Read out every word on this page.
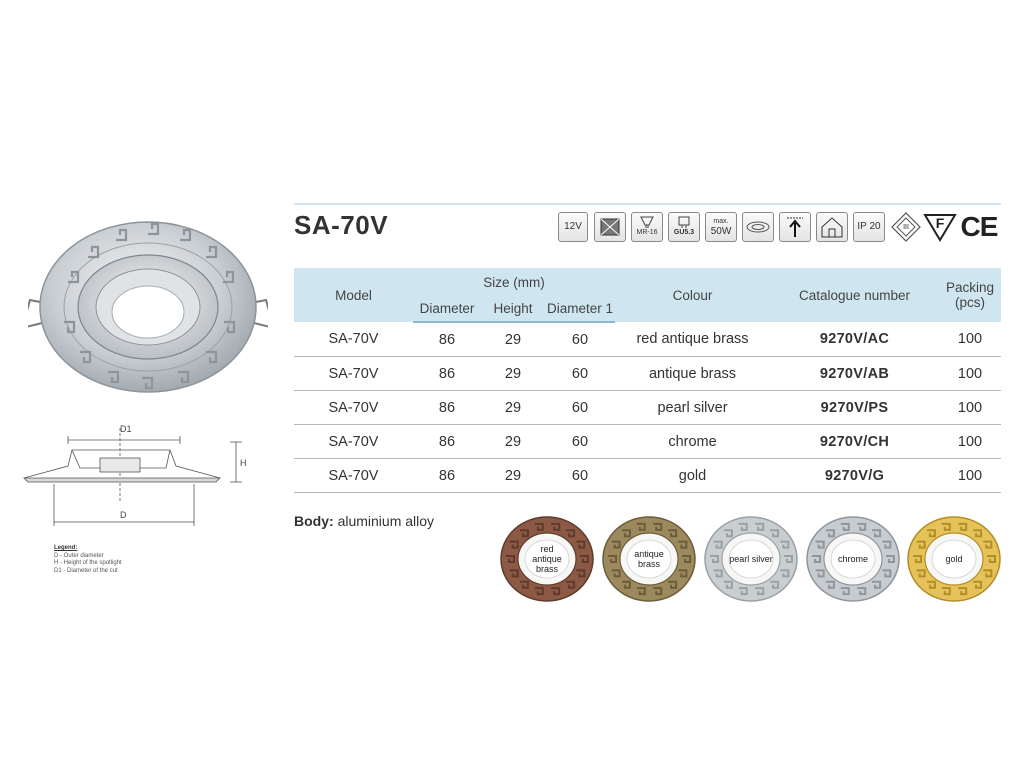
D1
H
D
Legend:
D - Outer diameter
H - Height of the spotlight
D1 - Diameter of the cut
SA-70V	12V
MR-16 GU5.3
max.
50W	IP 20	III	F CE
Model	Size (mm)			Colour	Catalogue number	Packing
(pcs)

	Diameter	Height	Diameter 1			
SA-70V	86	29	60	red antique brass	9270V/AC	100
SA-70V	86	29	60	antique brass	9270V/AB	100
SA-70V	86	29	60	pearl silver	9270V/PS	100
SA-70V	86	29	60	chrome	9270V/CH	100
SA-70V	86	29	60	gold	9270V/G	100
Body: aluminium alloy
red antique brass
antique brass	pearl silver	chrome	gold
